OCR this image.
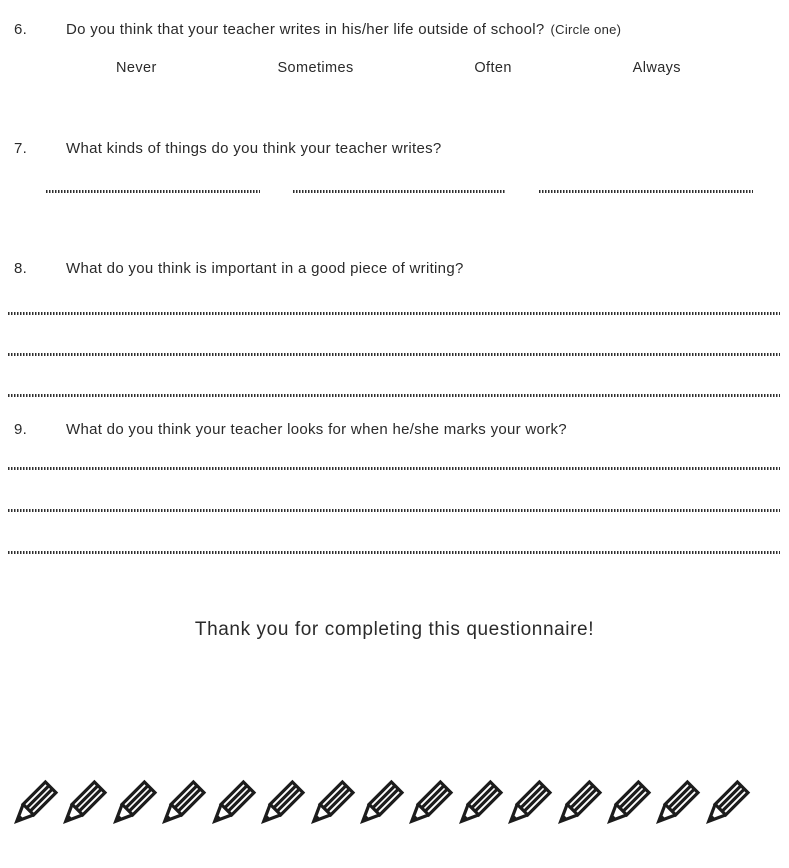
6.	Do you think that your teacher writes in his/her life outside of school? (Circle one)
Never	Sometimes	Often	Always
7.	What kinds of things do you think your teacher writes?
8.	What do you think is important in a good piece of writing?
9.	What do you think your teacher looks for when he/she marks your work?
Thank you for completing this questionnaire!
